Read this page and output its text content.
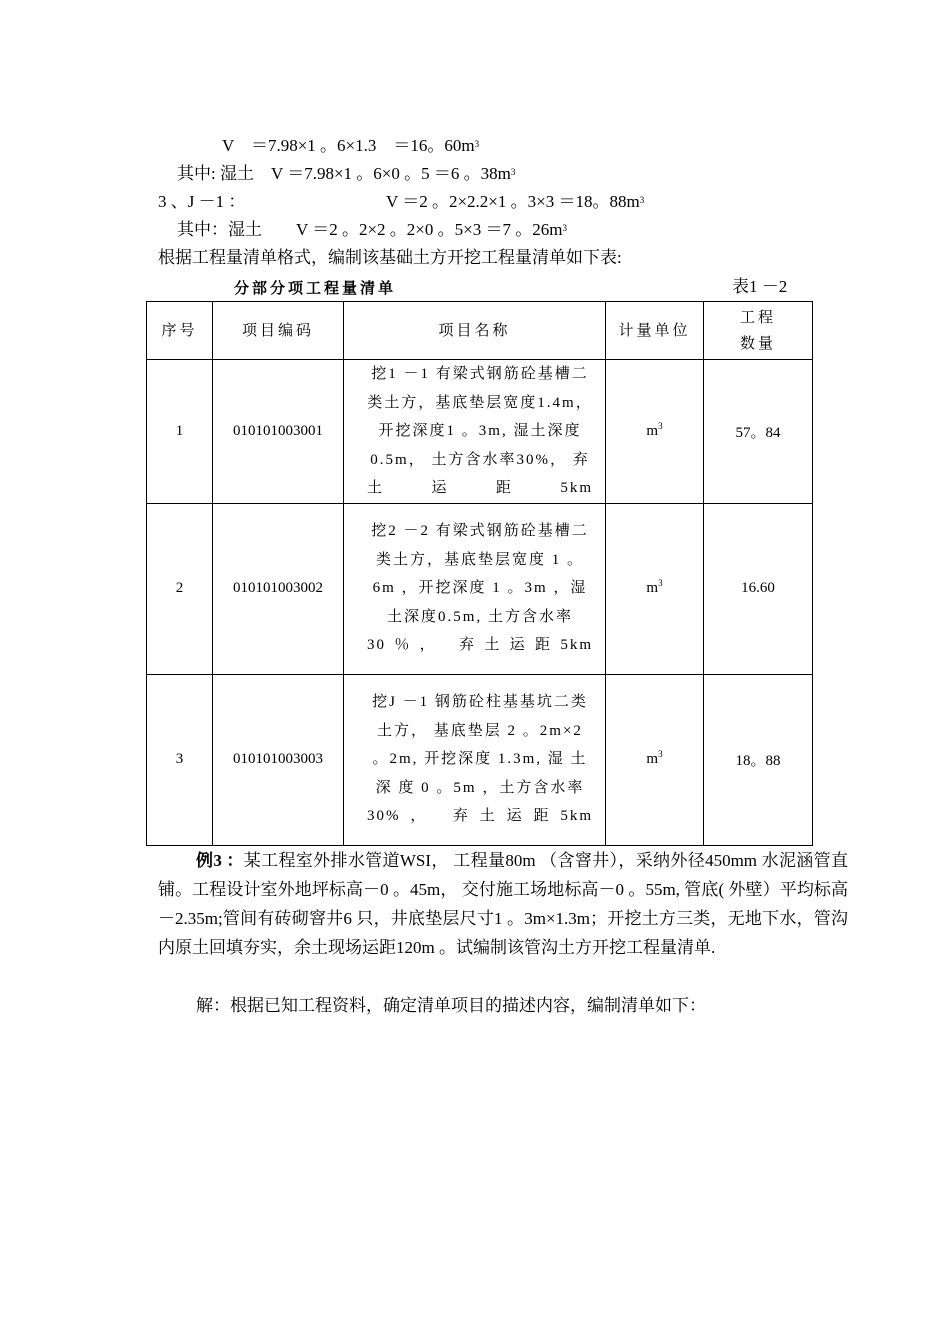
V　＝7.98×1 。6×1.3　＝16。$60m^3$
其中: 湿土　V ＝7.98×1 。6×0 。5 ＝6 。$38m^3$
3 、J －1 ：	V ＝2 。2×2.2×1 。3×3 ＝18。$88m^3$
其中：湿土　　V ＝2 。2×2 。2×0 。5×3 ＝7 。$26m^3$
根据工程量清单格式，编制该基础土方开挖工程量清单如下表:
分部分项工程量清单	表1 －2
序号	项目编码	项目名称	计量单位	工程数量
1	010101003001	挖1 －1 有梁式钢筋砼基槽二类土方，基底垫层宽度1.4m，开挖深度1 。3m, 湿土深度0.5m， 土方含水率30%， 弃土运距5km	$m^3$	57。84
2	010101003002	挖2 －2 有梁式钢筋砼基槽二类土方，基底垫层宽度 1 。6m ，开挖深度 1 。3m ，湿土深度0.5m, 土方含水率30％， 弃土运距5km	$m^3$	16.60
3	010101003003	挖J －1 钢筋砼柱基基坑二类土方， 基底垫层 2 。2m×2 。2m, 开挖深度 1.3m, 湿 土 深 度 0 。5m ，土方含水率30%， 弃土运距5km	$m^3$	18。88
例3 ：某工程室外排水管道WSI， 工程量80m （含窨井），采纳外径450mm 水泥涵管直铺。工程设计室外地坪标高－0 。45m， 交付施工场地标高－0 。55m, 管底( 外壁）平均标高－2.35m;管间有砖砌窨井6 只，井底垫层尺寸1 。3m×1.3m；开挖土方三类，无地下水，管沟内原土回填夯实，余土现场运距120m 。试编制该管沟土方开挖工程量清单.
解：根据已知工程资料，确定清单项目的描述内容，编制清单如下：
